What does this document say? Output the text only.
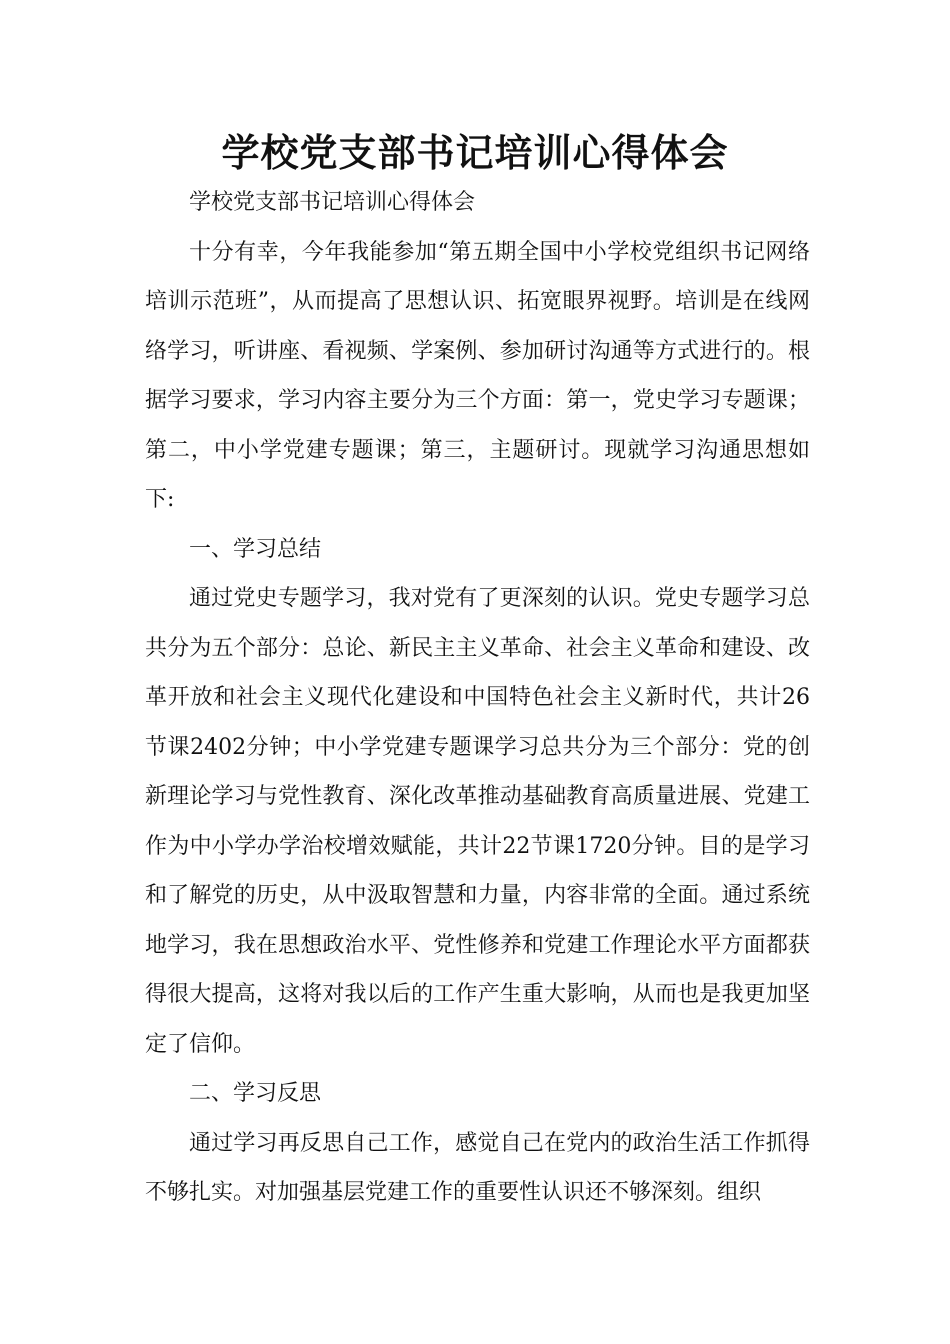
学校党支部书记培训心得体会

学校党支部书记培训心得体会

十分有幸，今年我能参加“第五期全国中小学校党组织书记网络培训示范班”，从而提高了思想认识、拓宽眼界视野。培训是在线网络学习，听讲座、看视频、学案例、参加研讨沟通等方式进行的。根据学习要求，学习内容主要分为三个方面：第一，党史学习专题课；第二，中小学党建专题课；第三，主题研讨。现就学习沟通思想如下:

一、学习总结

通过党史专题学习，我对党有了更深刻的认识。党史专题学习总共分为五个部分：总论、新民主主义革命、社会主义革命和建设、改革开放和社会主义现代化建设和中国特色社会主义新时代，共计26节课2402分钟；中小学党建专题课学习总共分为三个部分：党的创新理论学习与党性教育、深化改革推动基础教育高质量进展、党建工作为中小学办学治校增效赋能，共计22节课1720分钟。目的是学习和了解党的历史，从中汲取智慧和力量，内容非常的全面。通过系统地学习，我在思想政治水平、党性修养和党建工作理论水平方面都获得很大提高，这将对我以后的工作产生重大影响，从而也是我更加坚定了信仰。

二、学习反思

通过学习再反思自己工作，感觉自己在党内的政治生活工作抓得不够扎实。对加强基层党建工作的重要性认识还不够深刻。组织
